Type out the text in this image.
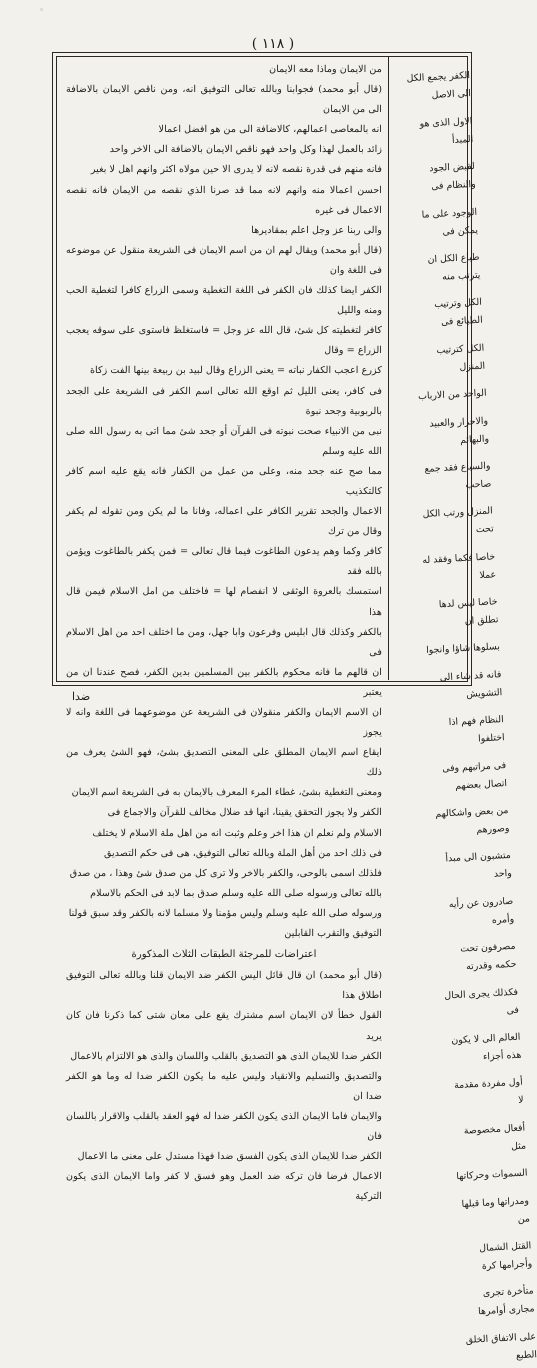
( ١١٨ )

من الايمان وماذا معه الايمان

(قال أبو محمد) فجوابنا وبالله تعالى التوفيق انه، ومن ناقص الايمان بالاضافة الى من الايمان

انه بالمعاصى اعمالهم، كالاضافة الى من هو افضل اعمالا

زائد بالعمل لهذا وكل واحد فهو ناقص الايمان بالاضافة الى الاخر واحد

فانه منهم فى قدرة نقصه لانه لا يدرى الا حين مولاه اكثر وانهم اهل لا بغير

احسن اعمالا منه وانهم لانه مما قد صرنا الذي نقصه من الايمان فانه نقصه الاعمال فى غيره

والى ربنا عز وجل اعلم بمقاديرها

(قال أبو محمد) ويقال لهم ان من اسم الايمان فى الشريعة منقول عن موضوعه فى اللغة وان

الكفر ايضا كذلك فان الكفر فى اللغة التغطية وسمى الزراع كافرا لتغطية الحب ومنه والليل

كافر لتغطيته كل شئ، قال الله عز وجل = فاستغلظ فاستوى على سوقه يعجب الزراع = وقال

كزرع اعجب الكفار نباته = يعنى الزراع وقال لبيد بن ربيعة بينها الفت زكاة

فى كافر، يعنى الليل ثم اوقع الله تعالى اسم الكفر فى الشريعة على الجحد بالربوبية وجحد نبوة

نبى من الانبياء صحت نبوته فى القرآن أو جحد شئ مما اتى به رسول الله صلى الله عليه وسلم

مما صح عنه جحد منه، وعلى من عمل من الكفار فانه يقع عليه اسم كافر كالتكذيب

الاعمال والجحد تقرير الكافر على اعماله، وفانا ما لم يكن ومن تقوله لم يكفر وقال من ترك

كافر وكما وهم يدعون الطاغوت فيما قال تعالى = فمن يكفر بالطاغوت ويؤمن بالله فقد

استمسك بالعروة الوثقى لا انفصام لها = فاختلف من امل الاسلام فيمن قال هذا

بالكفر وكذلك قال ابليس وفرعون وابا جهل، ومن ما اختلف احد من اهل الاسلام فى

ان قالهم ما فانه محكوم بالكفر بين المسلمين بدين الكفر، فصح عندنا ان من يعتبر

ان الاسم الايمان والكفر منقولان فى الشريعة عن موضوعهما فى اللغة وانه لا يجوز

ايقاع اسم الايمان المطلق على المعنى التصديق بشئ، فهو الشئ يعرف من ذلك

ومعنى التغطية بشئ، غطاء المرء المعرف بالايمان به فى الشريعة اسم الايمان

الكفر ولا يجوز التحقق يقينا، انها قد ضلال مخالف للقرآن والاجماع فى

الاسلام ولم نعلم ان هذا اخر وعلم وثبت انه من اهل ملة الاسلام لا يختلف

فى ذلك احد من أهل الملة وبالله تعالى التوفيق، هى فى حكم التصديق

فلذلك اسمى بالوحى، والكفر بالاخر ولا ترى كل من صدق شئ وهذا ، من صدق

بالله تعالى ورسوله صلى الله عليه وسلم صدق بما لابد فى الحكم بالاسلام

ورسوله صلى الله عليه وسلم وليس مؤمنا ولا مسلما لانه بالكفر وقد سبق قولنا

التوفيق والتقرب القابلين

اعتراضات للمرجئة الطبقات الثلاث المذكورة

(قال أبو محمد) ان قال قائل اليس الكفر ضد الايمان قلنا وبالله تعالى التوفيق اطلاق هذا

القول خطأ لان الايمان اسم مشترك يقع على معان شتى كما ذكرنا فان كان يريد

الكفر ضدا للايمان الذى هو التصديق بالقلب واللسان والذى هو الالتزام بالاعمال

والتصديق والتسليم والانقياد وليس عليه ما يكون الكفر ضدا له وما هو الكفر ضدا ان

والايمان فاما الايمان الذى يكون الكفر ضدا له فهو العقد بالقلب والاقرار باللسان فان

الكفر ضدا للايمان الذى يكون الفسق ضدا فهذا مستدل على معنى ما الاعمال

الاعمال فرضا فان تركه ضد العمل وهو فسق لا كفر واما الايمان الذى يكون التركية

الكفر يجمع الكل الى الاصل

الاول الذى هو المبدأ

لقبض الجود والنظام فى

الوجود على ما يمكن فى

طباع الكل ان يترتب منه

الكل وترتيب الطبائع فى

الكل كترتيب المنزل

الواحد من الارباب

والاحرار والعبيد والبهائم

والسباع فقد جمع صاحب

المنزل ورتب الكل تحت

خاصا فكما وفقد له عملا

خاصا ليس لدها تطلق ان

بسلوها شاؤا وانجوا

فانه قد شاء الى التشويش

النظام فهم اذا اختلفوا

فى مراتبهم وفى اتصال بعضهم

من بعض واشكالهم وصورهم

متشبون الى مبدأ واحد

صادرون عن رأيه وأمره

مصرفون تحت حكمه وقدرته

فكذلك يجرى الحال فى

العالم الى لا يكون هذه أجزاء

أول مفردة مقدمة لا

أفعال مخصوصة مثل

السموات وحركاتها

ومدراتها وما قبلها من

القتل الشمال وأجرامها كرة

متأخرة تجرى مجارى أوامرها

على الاتفاق الخلق الطبع

ضدا
